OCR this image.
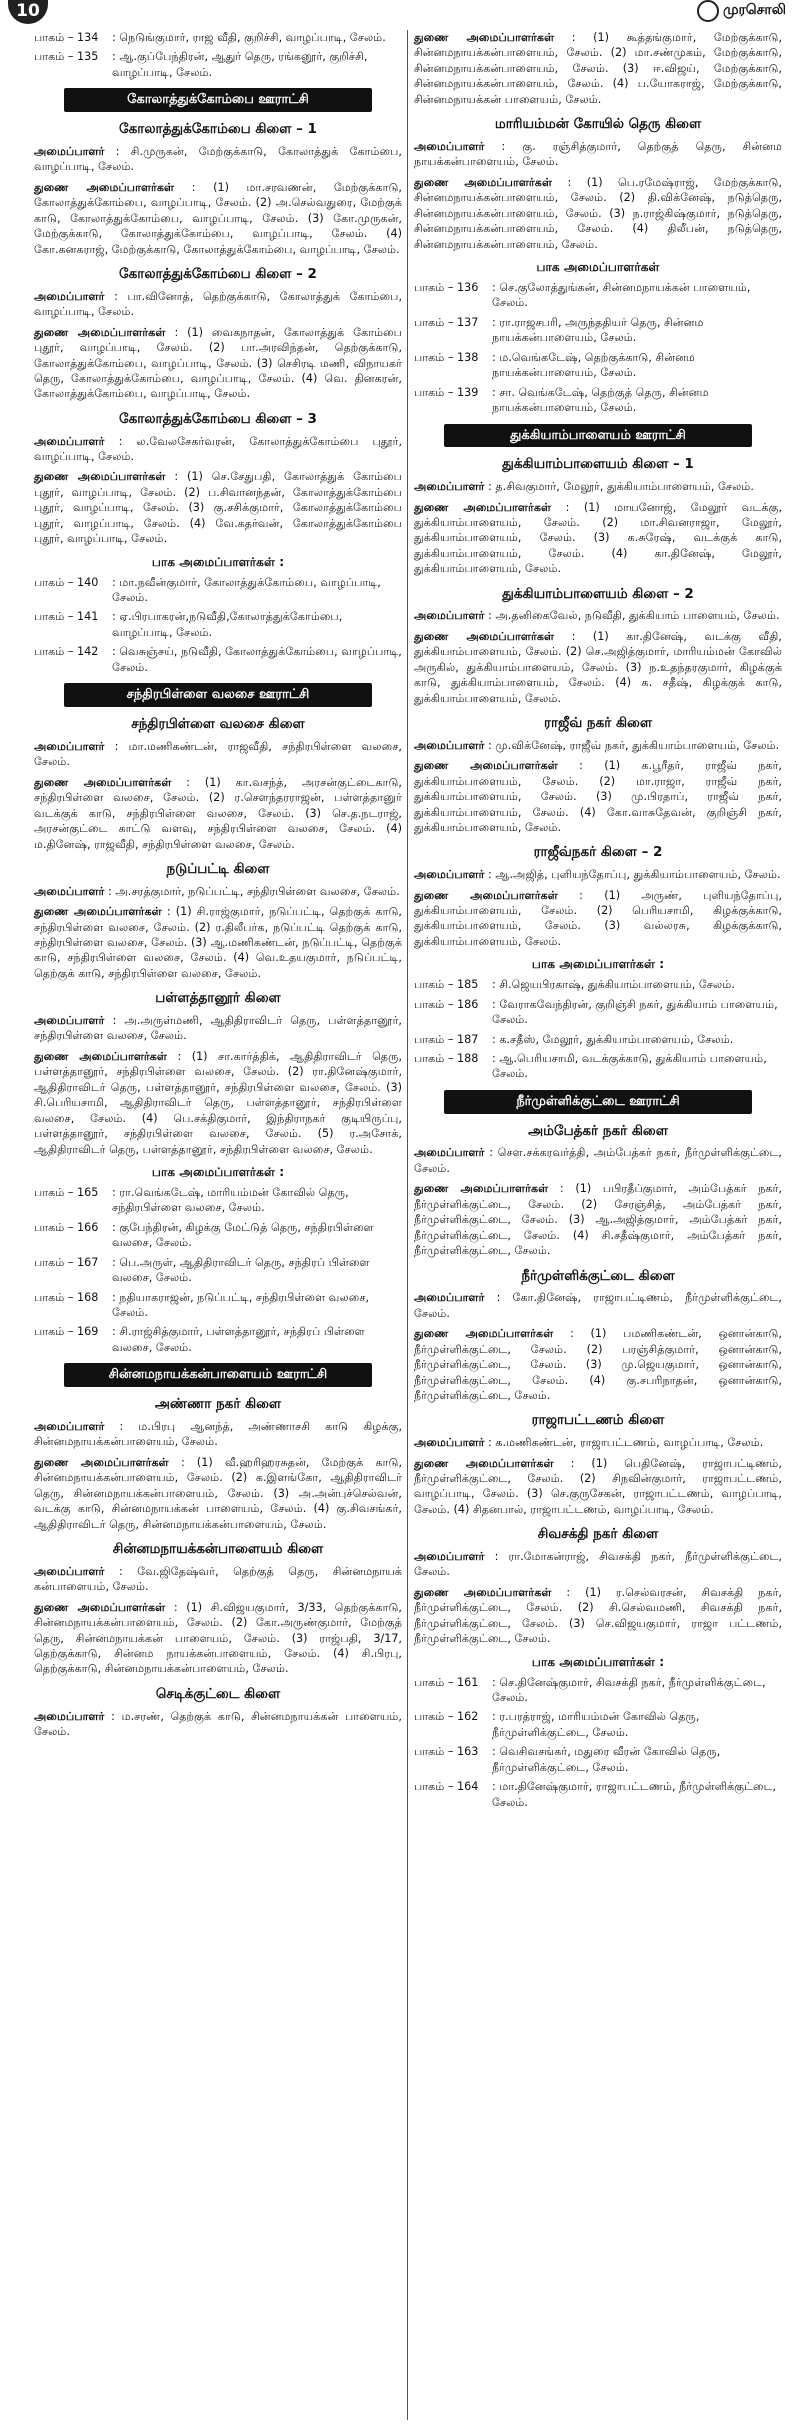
10	முரசொலி
பாகம் – 134	: நெடுங்குமார், ராஜ வீதி, குறிச்சி, வாழப்பாடி, சேலம்.
பாகம் – 135	: ஆ.குப்பேந்திரன், ஆதுர் தெரு, ரங்கனூர், குறிச்சி, வாழப்பாடி, சேலம்.
கோலாத்துக்கோம்பை ஊராட்சி
கோலாத்துக்கோம்பை கிளை – 1

அமைப்பாளர் : சி.முருகன், மேற்குக்காடு, கோலாத்துக் கோம்பை, வாழப்பாடி, சேலம்.

துணை அமைப்பாளர்கள் : (1) மா.சரவணன், மேற்குக்காடு, கோலாத்துக்கோம்பை, வாழப்பாடி, சேலம். (2) அ.செல்வதுரை, மேற்குக் காடு, கோலாத்துக்கோம்பை, வாழப்பாடி, சேலம். (3) கோ.முருகன், மேற்குக்காடு, கோலாத்துக்கோம்பை, வாழப்பாடி, சேலம். (4) கோ.கனகராஜ், மேற்குக்காடு, கோலாத்துக்கோம்பை, வாழப்பாடி, சேலம்.

கோலாத்துக்கோம்பை கிளை – 2

அமைப்பாளர் : பா.வினோத், தெற்குக்காடு, கோலாத்துக் கோம்பை, வாழப்பாடி, சேலம்.

துணை அமைப்பாளர்கள் : (1) வைகநாதன், கோலாத்துக் கோம்பை புதூர், வாழப்பாடி, சேலம். (2) பா.அரவிந்தன், தெற்குக்காடு, கோலாத்துக்கோம்பை, வாழப்பாடி, சேலம். (3) செசிரடி மணி, விநாயகர் தெரு, கோலாத்துக்கோம்பை, வாழப்பாடி, சேலம். (4) வெ. தினகரன், கோலாத்துக்கோம்பை, வாழப்பாடி, சேலம்.

கோலாத்துக்கோம்பை கிளை – 3

அமைப்பாளர் : ல.வேலசேகர்வரன், கோலாத்துக்கோம்பை புதூர், வாழப்பாடி, சேலம்.

துணை அமைப்பாளர்கள் : (1) செ.சேதுபதி, கோலாத்துக் கோம்பை புதூர், வாழப்பாடி, சேலம். (2) ப.சிவானந்தன், கோலாத்துக்கோம்பை புதூர், வாழப்பாடி, சேலம். (3) கு.சசிக்குமார், கோலாத்துக்கோம்பை புதூர், வாழப்பாடி, சேலம். (4) வே.கதர்வன், கோலாத்துக்கோம்பை புதூர், வாழப்பாடி, சேலம்.

பாக அமைப்பாளர்கள் :
பாகம் – 140	: மா.நவீன்குமார், கோலாத்துக்கோம்பை, வாழப்பாடி, சேலம்.
பாகம் – 141	: ஏ.பிரபாகரன்,நடுவீதி,கோலாத்துக்கோம்பை, வாழப்பாடி, சேலம்.
பாகம் – 142	: வெசுஞ்சய், நடுவீதி, கோலாத்துக்கோம்பை, வாழப்பாடி, சேலம்.
சந்திரபிள்ளை வலசை ஊராட்சி
சந்திரபிள்ளை வலசை கிளை

அமைப்பாளர் : மா.மணிகண்டன், ராஜவீதி, சந்திரபிள்ளை வலசை, சேலம்.

துணை அமைப்பாளர்கள் : (1) கா.வசந்த், அரசன்குட்டைகாடு, சந்திரபிள்ளை வலசை, சேலம். (2) ர.சௌந்தரராஜன், பள்ளத்தானுர் வடக்குக் காடு, சந்திரபிள்ளை வலசை, சேலம். (3) செ.த.நடராஜ், அரசன்குட்டை காட்டு வளவு, சந்திரபிள்ளை வலசை, சேலம். (4) ம.தினேஷ், ராஜவீதி, சந்திரபிள்ளை வலசை, சேலம்.

நடுப்பட்டி கிளை

அமைப்பாளர் : அ.சரத்குமார், நடுப்பட்டி, சந்திரபிள்ளை வலசை, சேலம்.

துணை அமைப்பாளர்கள் : (1) சி.ராஜ்குமார், நடுப்பட்டி, தெற்குக் காடு, சந்திரபிள்ளை வலசை, சேலம். (2) ர.திலீபர்க, நடுப்பட்டி தெற்குக் காடு, சந்திரபிள்ளை வலசை, சேலம். (3) ஆ.மணிகண்டன், நடுப்பட்டி, தெற்குக் காடு, சந்திரபிள்ளை வலசை, சேலம். (4) வெ.உதயகுமார், நடுப்பட்டி, தெற்குக் காடு, சந்திரபிள்ளை வலசை, சேலம்.

பள்ளத்தானூர் கிளை

அமைப்பாளர் : அ.அருள்மணி, ஆதிதிராவிடர் தெரு, பள்ளத்தானூர், சந்திரபிள்ளை வலசை, சேலம்.

துணை அமைப்பாளர்கள் : (1) சா.கார்த்திக், ஆதிதிராவிடர் தெரு, பள்ளத்தானூர், சந்திரபிள்ளை வலசை, சேலம். (2) ரா.தினேஷ்குமார், ஆதிதிராவிடர் தெரு, பள்ளத்தானூர், சந்திரபிள்ளை வலசை, சேலம். (3) சி.பெரியசாமி, ஆதிதிராவிடர் தெரு, பள்ளத்தானூர், சந்திரபிள்ளை வலசை, சேலம். (4) பெ.சக்திகுமார், இந்திராநகர் குடியிருப்பு, பள்ளத்தானூர், சந்திரபிள்ளை வலசை, சேலம். (5) ர.அசோக், ஆதிதிராவிடர் தெரு, பள்ளத்தானூர், சந்திரபிள்ளை வலசை, சேலம்.

பாக அமைப்பாளர்கள் :
பாகம் – 165	: ரா.வெங்கடேஷ், மாரியம்மன் கோவில் தெரு, சந்திரபிள்ளை வலசை, சேலம்.
பாகம் – 166	: குபேந்திரன், கிழக்கு மேட்டுத் தெரு, சந்திரபிள்ளை வலசை, சேலம்.
பாகம் – 167	: பெ.அருள், ஆதிதிராவிடர் தெரு, சந்திரப் பிள்ளை வலசை, சேலம்.
பாகம் – 168	: நதியாகராஜன், நடுப்பட்டி, சந்திரபிள்ளை வலசை, சேலம்.
பாகம் – 169	: சி.ராஜ்சித்குமார், பள்ளத்தானூர், சந்திரப் பிள்ளை வலசை, சேலம்.
சின்னமநாயக்கன்பாளையம் ஊராட்சி
அண்ணா நகர் கிளை

அமைப்பாளர் : ம.பிரபு ஆனந்த், அண்ணாசசி காடு கிழக்கு, சின்னமநாயக்கன்பாளையம், சேலம்.

துணை அமைப்பாளர்கள் : (1) வீ.ஹரிஹரசுதன், மேற்குக் காடு, சின்னமநாயக்கன்பாளையம், சேலம். (2) க.இளங்கோ, ஆதிதிராவிடர் தெரு, சின்னமநாயக்கன்பாளையம், சேலம். (3) அ.அன்புச்செல்வன், வடக்கு காடு, சின்னமநாயக்கன் பாளையம், சேலம். (4) கு.சிவசங்கர், ஆதிதிராவிடர் தெரு, சின்னமநாயக்கன்பாளையம், சேலம்.

சின்னமநாயக்கன்பாளையம் கிளை

அமைப்பாளர் : வே.ஜிதேஷ்வர், தெற்குத் தெரு, சின்னமநாயக் கன்பாளையம், சேலம்.

துணை அமைப்பாளர்கள் : (1) சி.விஜயகுமார், 3/33, தெற்குக்காடு, சின்னமநாயக்கன்பாளையம், சேலம். (2) கோ.அருண்குமார், மேற்குத் தெரு, சின்னமநாயக்கன் பாளையம், சேலம். (3) ராஜ்பதி, 3/17, தெற்குக்காடு, சின்னம நாயக்கன்பாளையம், சேலம். (4) சி.பிரபு, தெற்குக்காடு, சின்னமநாயக்கன்பாளையம், சேலம்.

செடிக்குட்டை கிளை

அமைப்பாளர் : ம.சரண், தெற்குக் காடு, சின்னமநாயக்கன் பாளையம், சேலம்.

துணை அமைப்பாளர்கள் : (1) கூத்தங்குமார், மேற்குக்காடு, சின்னமநாயக்கன்பாளையம், சேலம். (2) மா.சண்முகம், மேற்குக்காடு, சின்னமநாயக்கன்பாளையம், சேலம். (3) ஈ.விஜய், மேற்குக்காடு, சின்னமநாயக்கன்பாளையம், சேலம். (4) ப.யோகராஜ், மேற்குக்காடு, சின்னமநாயக்கன் பாளையம், சேலம்.

மாரியம்மன் கோயில் தெரு கிளை

அமைப்பாளர் : கு. ரஞ்சித்குமார், தெற்குத் தெரு, சின்னம நாயக்கன்பாளையம், சேலம்.

துணை அமைப்பாளர்கள் : (1) பெ.ரமேஷ்ராஜ், மேற்குக்காடு, சின்னமநாயக்கன்பாளையம், சேலம். (2) தி.விக்னேஷ், நடுத்தெரு, சின்னமநாயக்கன்பாளையம், சேலம். (3) ந.ராஜ்கிஷ்குமார், நடுத்தெரு, சின்னமநாயக்கன்பாளையம், சேலம். (4) திலீபன், நடுத்தெரு, சின்னமநாயக்கன்பாளையம், சேலம்.

பாக அமைப்பாளர்கள்
பாகம் – 136	: செ.குலோத்துங்கன், சின்னமநாயக்கன் பாளையம், சேலம்.
பாகம் – 137	: ரா.ராஜசபரி, அருந்ததியர் தெரு, சின்னம நாயக்கன்பாளையம், சேலம்.
பாகம் – 138	: ம.வெங்கடேஷ், தெற்குக்காடு, சின்னம நாயக்கன்பாளையம், சேலம்.
பாகம் – 139	: சா. வெங்கடேஷ், தெற்குத் தெரு, சின்னம நாயக்கன்பாளையம், சேலம்.
துக்கியாம்பாளையம் ஊராட்சி
துக்கியாம்பாளையம் கிளை – 1

அமைப்பாளர் : த.சிவகுமார், மேலூர், துக்கியாம்பாளையம், சேலம்.

துணை அமைப்பாளர்கள் : (1) மாயனோஜ், மேலூர் வடக்கு, துக்கியாம்பாளையம், சேலம். (2) மா.சிவனராஜா, மேலூர், துக்கியாம்பாளையம், சேலம். (3) க.சுரேஷ், வடக்குக் காடு, துக்கியாம்பாளையம், சேலம். (4) கா.தினேஷ், மேலூர், துக்கியாம்பாளையம், சேலம்.

துக்கியாம்பாளையம் கிளை – 2

அமைப்பாளர் : அ.தனிகைவேல், நடுவீதி, துக்கியாம் பாளையம், சேலம்.

துணை அமைப்பாளர்கள் : (1) கா.தினேஷ், வடக்கு வீதி, துக்கியாம்பாளையம், சேலம். (2) செ.அஜித்குமார், மாரியம்மன் கோவில் அருகில், துக்கியாம்பாளையம், சேலம். (3) ந.உதந்தரகுமார், கிழக்குக் காடு, துக்கியாம்பாளையம், சேலம். (4) க. சதீஷ், கிழக்குக் காடு, துக்கியாம்பாளையம், சேலம்.

ராஜீவ் நகர் கிளை

அமைப்பாளர் : மு.விக்னேஷ், ராஜீவ் நகர், துக்கியாம்பாளையம், சேலம்.

துணை அமைப்பாளர்கள் : (1) க.பூரீதர், ராஜீவ் நகர், துக்கியாம்பாளையம், சேலம். (2) மா.ராஜா, ராஜீவ் நகர், துக்கியாம்பாளையம், சேலம். (3) மு.பிரதாப், ராஜீவ் நகர், துக்கியாம்பாளையம், சேலம். (4) கோ.வாசுதேவன், குறிஞ்சி நகர், துக்கியாம்பாளையம், சேலம்.

ராஜீவ்நகர் கிளை – 2

அமைப்பாளர் : ஆ.அஜித், புளியந்தோப்பு, துக்கியாம்பாளையம், சேலம்.

துணை அமைப்பாளர்கள் : (1) அருண், புளியந்தோப்பு, துக்கியாம்பாளையம், சேலம். (2) பெரியசாமி, கிழக்குக்காடு, துக்கியாம்பாளையம், சேலம். (3) வல்லரசு, கிழக்குக்காடு, துக்கியாம்பாளையம், சேலம்.

பாக அமைப்பாளர்கள் :
பாகம் – 185	: சி.ஜெயபிரகாஷ், துக்கியாம்பாளையம், சேலம்.
பாகம் – 186	: வேராகவேந்திரன், குறிஞ்சி நகர், துக்கியாம் பாளையம், சேலம்.
பாகம் – 187	: க.சதீஸ், மேலூர், துக்கியாம்பாளையம், சேலம்.
பாகம் – 188	: ஆ.பெரியசாமி, வடக்குக்காடு, துக்கியாம் பாளையம், சேலம்.
நீர்முள்ளிக்குட்டை ஊராட்சி
அம்பேத்கர் நகர் கிளை

அமைப்பாளர் : செள.சக்கரவர்த்தி, அம்பேத்கர் நகர், நீர்முள்ளிக்குட்டை, சேலம்.

துணை அமைப்பாளர்கள் : (1) பபிரதீப்குமார், அம்பேத்கர் நகர், நீர்முள்ளிக்குட்டை, சேலம். (2) சேரஞ்சித், அம்பேத்கர் நகர், நீர்முள்ளிக்குட்டை, சேலம். (3) ஆ.அஜித்குமார், அம்பேத்கர் நகர், நீர்முள்ளிக்குட்டை, சேலம். (4) சி.சதீஷ்குமார், அம்பேத்கர் நகர், நீர்முள்ளிக்குட்டை, சேலம்.

நீர்முள்ளிக்குட்டை கிளை

அமைப்பாளர் : கோ.தினேஷ், ராஜாபட்டிணம், நீர்முள்ளிக்குட்டை, சேலம்.

துணை அமைப்பாளர்கள் : (1) பமணிகண்டன், ஒனான்காடு, நீர்முள்ளிக்குட்டை, சேலம். (2) பரஞ்சித்குமார், ஒனான்காடு, நீர்முள்ளிக்குட்டை, சேலம். (3) மு.ஜெயகுமார், ஒனான்காடு, நீர்முள்ளிக்குட்டை, சேலம். (4) கு.சபரிநாதன், ஒனான்காடு, நீர்முள்ளிக்குட்டை, சேலம்.

ராஜாபட்டணம் கிளை

அமைப்பாளர் : க.மணிகண்டன், ராஜாபட்டணம், வாழப்பாடி, சேலம்.

துணை அமைப்பாளர்கள் : (1) பெதினேஷ், ராஜாபட்டிணம், நீர்முள்ளிக்குட்டை, சேலம். (2) சிநவின்குமார், ராஜாபட்டணம், வாழப்பாடி, சேலம். (3) செ.குருசேகன், ராஜாபட்டணம், வாழப்பாடி, சேலம். (4) சிதனபால், ராஜாபட்டணம், வாழப்பாடி, சேலம்.

சிவசக்தி நகர் கிளை

அமைப்பாளர் : ரா.மோகன்ராஜ், சிவசக்தி நகர், நீர்முள்ளிக்குட்டை, சேலம்.

துணை அமைப்பாளர்கள் : (1) ர.செல்வரசன், சிவசக்தி நகர், நீர்முள்ளிக்குட்டை, சேலம். (2) சி.செல்வமணி, சிவசக்தி நகர், நீர்முள்ளிக்குட்டை, சேலம். (3) செ.விஜயகுமார், ராஜா பட்டணம், நீர்முள்ளிக்குட்டை, சேலம்.

பாக அமைப்பாளர்கள் :
பாகம் – 161	: செ.தினேஷ்குமார், சிவசக்தி நகர், நீர்முள்ளிக்குட்டை, சேலம்.
பாகம் – 162	: ர.பரத்ராஜ், மாரியம்மன் கோவில் தெரு, நீர்முள்ளிக்குட்டை, சேலம்.
பாகம் – 163	: வெசிவசங்கர், மதுரை வீரன் கோவில் தெரு, நீர்முள்ளிக்குட்டை, சேலம்.
பாகம் – 164	: மா.தினேஷ்குமார், ராஜாபட்டணம், நீர்முள்ளிக்குட்டை, சேலம்.
